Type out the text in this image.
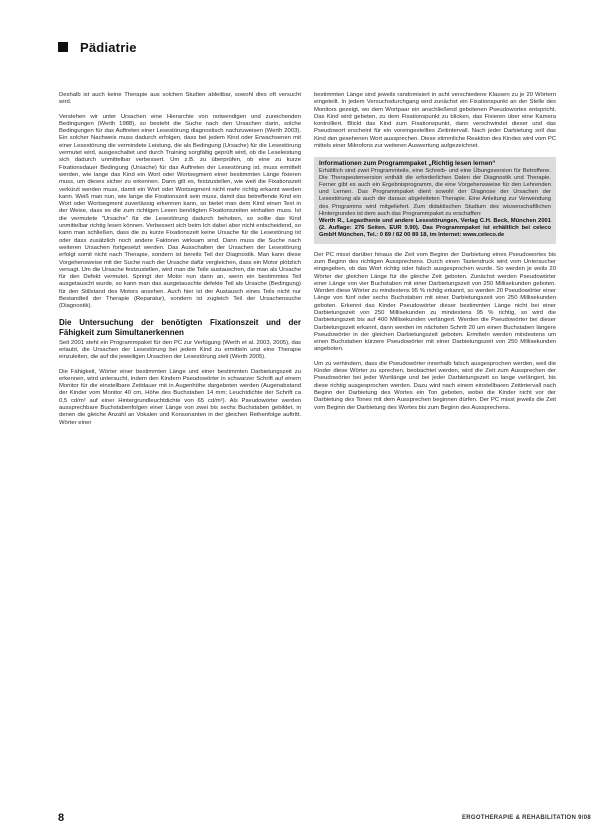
Pädiatrie

Deshalb ist auch keine Therapie aus solchen Studien ableitbar, sowohl dies oft versucht wird.

Verstehen wir unter Ursachen eine Hierarchie von notwendigen und zureichenden Bedingungen (Werth 1988), so besteht die Suche nach den Ursachen darin, solche Bedingungen für das Auftreten einer Lesestörung diagnostisch nachzuweisen (Werth 2003). Ein solcher Nachweis muss dadurch erfolgen, dass bei jedem Kind oder Erwachsenen mit einer Lesestörung die vermindete Leistung, die als Bedingung (Ursache) für die Lesestörung vermutet wird, ausgeschaltet und durch Training sorgfältig geprüft wird, ob die Leseleistung sich dadurch unmittelbar verbessert. Um z.B. zu überprüfen, ob eine zu kurze Fixationsdauer Bedingung (Ursache) für das Auftreten der Lesestörung ist, muss ermittelt werden, wie lange das Kind ein Wort oder Wortsegment einer bestimmten Länge fixieren muss, um dieses sicher zu erkennen. Dann gilt es, festzustellen, wie weit die Fixationszeit verkürzt werden muss, damit ein Wort oder Wortsegment nicht mehr richtig erkannt werden kann. Weiß man nun, wie lange die Fixationszeit sein muss, damit das betreffende Kind ein Wort oder Wortsegment zuverlässig erkennen kann, so bietet man dem Kind einen Text in der Weise, dass es die zum richtigen Lesen benötigten Fixationszeiten einhalten muss. Ist die vermutete "Ursache" für die Lesestörung dadurch behoben, so sollte das Kind unmittelbar richtig lesen können. Verbessert sich beim Ich dabei aber nicht entscheidend, so kann man schließen, dass die zu kurze Fixationszeit keine Ursache für die Lesestörung ist oder dass zusätzlich noch andere Faktoren wirksam sind. Dann muss die Suche nach weiteren Ursachen fortgesetzt werden. Das Ausschalten der Ursachen der Lesestörung erfolgt somit nicht nach Therapie, sondern ist bereits Teil der Diagnostik. Man kann diese Vorgehensweise mit der Suche nach der Ursache dafür vergleichen, dass ein Motor plötzlich versagt. Um die Ursache festzustellen, wird man die Teile austauschen, die man als Ursache für den Defekt vermutet. Springt der Motor nun dann an, wenn ein bestimmtes Teil ausgetauscht wurde, so kann man das ausgetauschte defekte Teil als Ursache (Bedingung) für den Stillstand des Motors ansehen. Auch hier ist der Austausch eines Teils nicht nur Bestandteil der Therapie (Reparatur), sondern ist zugleich Teil der Ursachensuche (Diagnostik).

Die Untersuchung der benötigten Fixationszeit und der Fähigkeit zum Simultanerkennen

Seit 2001 steht ein Programmpaket für den PC zur Verfügung (Werth et al. 2003, 2005), das erlaubt, die Ursachen der Lesestörung bei jedem Kind zu ermitteln und eine Therapie einzuleiten, die auf die jeweiligen Ursachen der Lesestörung zielt (Werth 2005).

Die Fähigkeit, Wörter einer bestimmten Länge und einer bestimmten Darbietungszeit zu erkennen, wird untersucht, indem den Kindern Pseudowörter in schwarzer Schrift auf einem Monitor für die einstellbare Zeitdauer mit in Augenhöhe dargeboten werden (Augenabstand der Kinder vom Monitor 40 cm, Höhe des Buchstaben 14 mm; Leuchtdichte der Schrift ca 0,5 cd/m² auf einer Hintergrundleuchtdichte von 65 cd/m²). Als Pseudowörter werden aussprechbare Buchstabenfolgen einer Länge von zwei bis sechs Buchstaben gebildet, in denen die gleiche Anzahl an Vokalen und Konsonanten in der gleichen Reihenfolge auftritt. Wörter einer

bestimmten Länge sind jeweils randomisiert in acht verschiedene Klassen zu je 20 Wörtern eingeteilt. In jedem Versuchsdurchgang wird zunächst ein Fixationspunkt an der Stelle des Monitors gezeigt, wo dem Wortpaar ein anschließend gebotenen Pseudowortes entspricht. Das Kind wird gebeten, zu dem Fixationspunkt zu blicken, das Fixieren über eine Kamera kontrolliert. Blickt das Kind zum Fixationspunkt, dann verschwindet dieser und das Pseudowort erscheint für ein voreingestelltes Zeitintervall. Nach jeder Darbietung soll das Kind den gesehenen Wort aussprechen. Diese stimmliche Reaktion des Kindes wird vom PC mittels einer Mikrofons zur weiteren Auswertung aufgezeichnet.

Informationen zum Programmpaket „Richtig lesen lernen“
Erhältlich sind zwei Programmteile, eine Schreib- und eine Übungsversion für Betroffene. Die Therapeutenversion enthält die erforderlichen Daten der Diagnostik und Therapie. Ferner gibt es auch ein Ergebnisprogramm, die eine Vorgehensweise für den Lehrenden und Lernen. Das Programmpaket dient sowohl der Diagnose der Ursachen der Lesestörung als auch der daraus abgeleiteten Therapie. Eine Anleitung zur Verwendung des Programms wird mitgeliefert. Zum didaktischen Studium des wissenschaftlichen Hintergrundes ist dem auch das Programmpaket zu erschaffen:
Werth R., Legasthenie und andere Lesestörungen, Verlag C.H. Beck, München 2001 (2. Auflage: 276 Seiten. EUR 9.90). Das Programmpaket ist erhältlich bei celeco GmbH München, Tel.: 0 89 / 82 00 89 18, im Internet: www.celeco.de

Der PC misst darüber hinaus die Zeit vom Beginn der Darbietung eines Pseudowortes bis zum Beginn des richtigen Aussprechens. Durch einen Tastendruck wird vom Untersucher eingegeben, ob das Wort richtig oder falsch ausgesprochen wurde. So werden je weils 20 Wörter der gleichen Länge für die gleiche Zeit geboten. Zunächst werden Pseudowörter einer Länge von vier Buchstaben mit einer Darbietungszeit von 250 Millisekunden geboten. Werden diese Wörter zu mindestens 95 % richtig erkannt, so werden 20 Pseudowörter einer Länge von fünf oder sechs Buchstaben mit einer Darbietungszeit von 250 Millisekunden geboten. Erkennt das Kinder Pseudowörter dieser bestimmten Länge nicht bei einer Darbietungszeit von 250 Millisekunden zu mindestens 95 % richtig, so wird die Darbietungszeit bis auf 400 Millisekunden verlängert. Werden die Pseudowörter bei dieser Darbietungszeit erkannt, dann werden im nächsten Schritt 20 um einen Buchstaben längere Pseudowörter in der gleichen Darbietungszeit geboten. Ermitteln werden mindestens um einen Buchstaben kürzere Pseudowörter mit einer Darbietungszeit von 250 Millisekunden angeboten.

Um zu verhindern, dass die Pseudowörter innerhalb falsch ausgesprochen werden, weil die Kinder diese Wörter zu sprechen, beobachtet werden, wird die Zeit zum Aussprechen der Pseudowörter bei jeder Wortlänge und bei jeder Darbietungszeit so lange verlängert, bis diese richtig ausgesprochen werden. Dazu wird nach einem einstellbaren Zeitintervall nach Beginn der Darbietung des Wortes ein Ton geboten, wobei die Kinder nicht vor der Darbietung des Tones mit dem Aussprechen beginnen dürfen. Der PC misst jeweils die Zeit vom Beginn der Darbietung des Wortes bis zum Beginn des Aussprechens.

8	ERGOTHERAPIE & REHABILITATION 9/08
